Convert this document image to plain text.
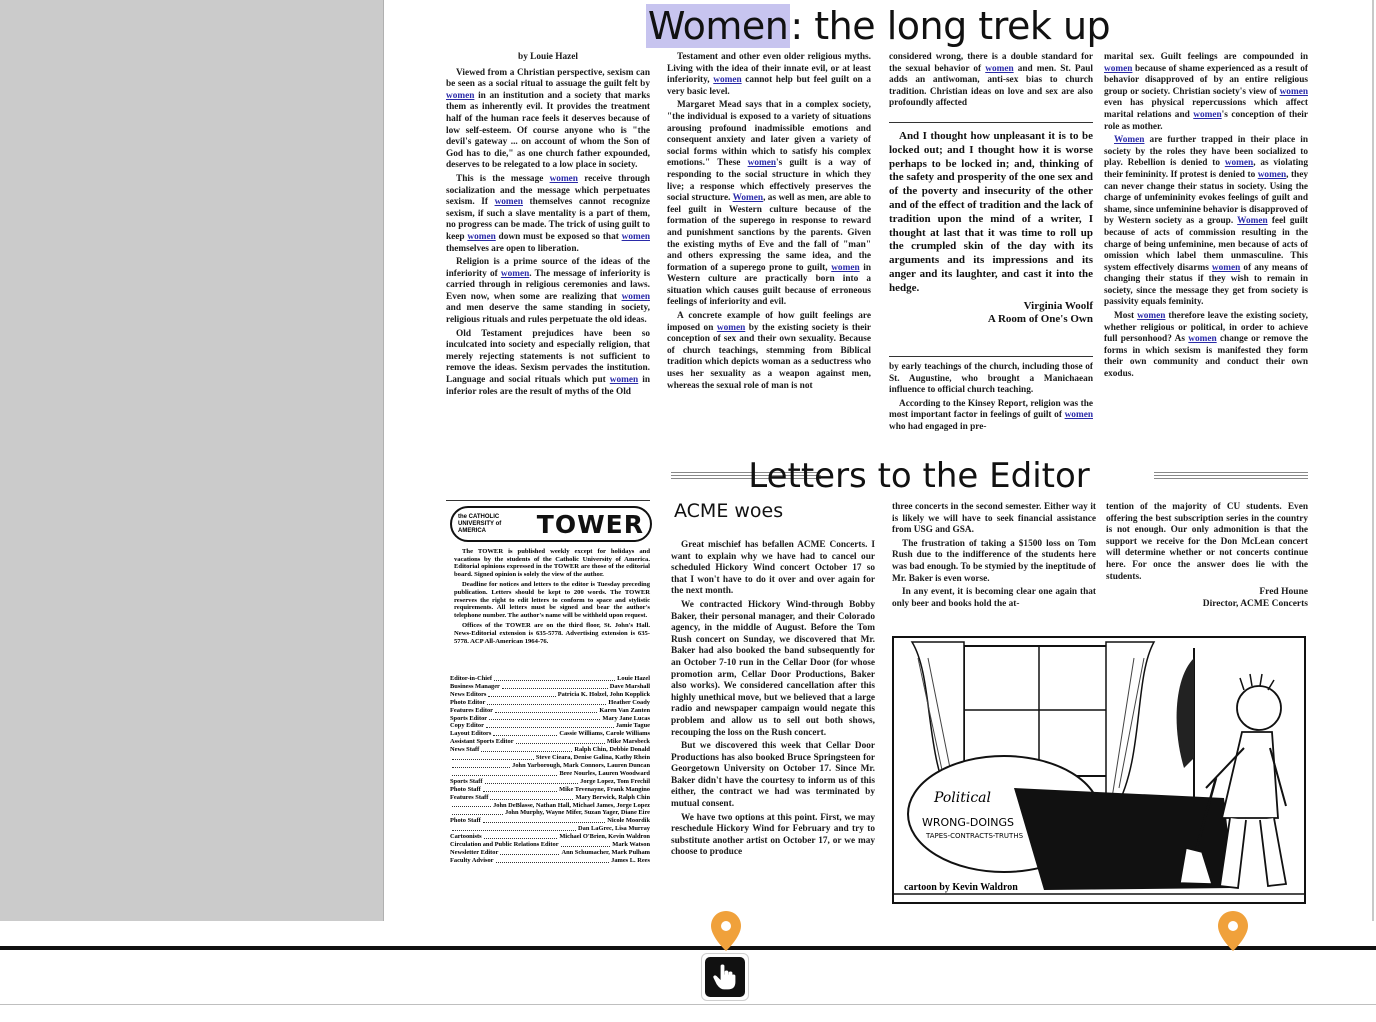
Women: the long trek up

by Louie Hazel

Viewed from a Christian perspective, sexism can be seen as a social ritual to assuage the guilt felt by women in an institution and a society that marks them as inherently evil. It provides the treatment half of the human race feels it deserves because of low self-esteem. Of course anyone who is "the devil's gateway ... on account of whom the Son of God has to die," as one church father expounded, deserves to be relegated to a low place in society.

This is the message women receive through socialization and the message which perpetuates sexism. If women themselves cannot recognize sexism, if such a slave mentality is a part of them, no progress can be made. The trick of using guilt to keep women down must be exposed so that women themselves are open to liberation.

Religion is a prime source of the ideas of the inferiority of women. The message of inferiority is carried through in religious ceremonies and laws. Even now, when some are realizing that women and men deserve the same standing in society, religious rituals and rules perpetuate the old ideas.

Old Testament prejudices have been so inculcated into society and especially religion, that merely rejecting statements is not sufficient to remove the ideas. Sexism pervades the institution. Language and social rituals which put women in inferior roles are the result of myths of the Old

Testament and other even older religious myths. Living with the idea of their innate evil, or at least inferiority, women cannot help but feel guilt on a very basic level.

Margaret Mead says that in a complex society, "the individual is exposed to a variety of situations arousing profound inadmissible emotions and consequent anxiety and later given a variety of social forms within which to satisfy his complex emotions." These women's guilt is a way of responding to the social structure in which they live; a response which effectively preserves the social structure. Women, as well as men, are able to feel guilt in Western culture because of the formation of the superego in response to reward and punishment sanctions by the parents. Given the existing myths of Eve and the fall of "man" and others expressing the same idea, and the formation of a superego prone to guilt, women in Western culture are practically born into a situation which causes guilt because of erroneous feelings of inferiority and evil.

A concrete example of how guilt feelings are imposed on women by the existing society is their conception of sex and their own sexuality. Because of church teachings, stemming from Biblical tradition which depicts woman as a seductress who uses her sexuality as a weapon against men, whereas the sexual role of man is not

considered wrong, there is a double standard for the sexual behavior of women and men. St. Paul adds an antiwoman, anti-sex bias to church tradition. Christian ideas on love and sex are also profoundly affected

And I thought how unpleasant it is to be locked out; and I thought how it is worse perhaps to be locked in; and, thinking of the safety and prosperity of the one sex and of the poverty and insecurity of the other and of the effect of tradition and the lack of tradition upon the mind of a writer, I thought at last that it was time to roll up the crumpled skin of the day with its arguments and its impressions and its anger and its laughter, and cast it into the hedge.

Virginia Woolf
A Room of One's Own

by early teachings of the church, including those of St. Augustine, who brought a Manichaean influence to official church teaching.

According to the Kinsey Report, religion was the most important factor in feelings of guilt of women who had engaged in pre-

marital sex. Guilt feelings are compounded in women because of shame experienced as a result of behavior disapproved of by an entire religious group or society. Christian society's view of women even has physical repercussions which affect marital relations and women's conception of their role as mother.

Women are further trapped in their place in society by the roles they have been socialized to play. Rebellion is denied to women, as violating their femininity. If protest is denied to women, they can never change their status in society. Using the charge of unfemininity evokes feelings of guilt and shame, since unfeminine behavior is disapproved of by Western society as a group. Women feel guilt because of acts of commission resulting in the charge of being unfeminine, men because of acts of omission which label them unmasculine. This system effectively disarms women of any means of changing their status if they wish to remain in society, since the message they get from society is passivity equals feminity.

Most women therefore leave the existing society, whether religious or political, in order to achieve full personhood? As women change or remove the forms in which sexism is manifested they form their own community and conduct their own exodus.

the CATHOLIC UNIVERSITY of AMERICA	TOWER

The TOWER is published weekly except for holidays and vacations by the students of the Catholic University of America. Editorial opinions expressed in the TOWER are those of the editorial board. Signed opinion is solely the view of the author.

Deadline for notices and letters to the editor is Tuesday preceding publication. Letters should be kept to 200 words. The TOWER reserves the right to edit letters to conform to space and stylistic requirements. All letters must be signed and bear the author's telephone number. The author's name will be withheld upon request.

Offices of the TOWER are on the third floor, St. John's Hall. News-Editorial extension is 635-5778. Advertising extension is 635-5778. ACP All-American 1964-76.

Editor-in-Chief	Louie Hazel
Business Manager	Dave Marshall
News Editors	Patricia K. Holzel, John Kopplick
Photo Editor	Heather Coady
Features Editor	Karen Van Zanten
Sports Editor	Mary Jane Lucas
Copy Editor	Jamie Tague
Layout Editors	Cassie Williams, Carole Williams
Assistant Sports Editor	Mike Marsbeck
News Staff	Ralph Chin, Debbie Donald
Steve Cieara, Denise Galina, Kathy Rhein
John Yarborough, Mark Connors, Lauren Duncan
Bree Nourles, Lauren Woodward
Sports Staff	Jorge Lopez, Tom Frechil
Photo Staff	Mike Tevenayne, Frank Mangino
Features Staff	Mary Berwick, Ralph Chin
John DeBlasse, Nathan Hall, Michael James, Jorge Lopez
John Murphy, Wayne Mifer, Suzan Yager, Diane Eire
Photo Staff	Nicole Moordik
Dan LaGrec, Lisa Murray
Cartoonists	Michael O'Brien, Kevin Waldron
Circulation and Public Relations Editor	Mark Watson
Newsletter Editor	Ann Schumacher, Mark Pulham
Faculty Advisor	James L. Rees
Letters to the Editor
ACME woes

Great mischief has befallen ACME Concerts. I want to explain why we have had to cancel our scheduled Hickory Wind concert October 17 so that I won't have to do it over and over again for the next month.

We contracted Hickory Wind-through Bobby Baker, their personal manager, and their Colorado agency, in the middle of August. Before the Tom Rush concert on Sunday, we discovered that Mr. Baker had also booked the band subsequently for an October 7-10 run in the Cellar Door (for whose promotion arm, Cellar Door Productions, Baker also works). We considered cancellation after this highly unethical move, but we believed that a large radio and newspaper campaign would negate this problem and allow us to sell out both shows, recouping the loss on the Rush concert.

But we discovered this week that Cellar Door Productions has also booked Bruce Springsteen for Georgetown University on October 17. Since Mr. Baker didn't have the courtesy to inform us of this either, the contract we had was terminated by mutual consent.

We have two options at this point. First, we may reschedule Hickory Wind for February and try to substitute another artist on October 17, or we may choose to produce

three concerts in the second semester. Either way it is likely we will have to seek financial assistance from USG and GSA.

The frustration of taking a $1500 loss on Tom Rush due to the indifference of the students here was bad enough. To be stymied by the ineptitude of Mr. Baker is even worse.

In any event, it is becoming clear one again that only beer and books hold the at-

tention of the majority of CU students. Even offering the best subscription series in the country is not enough. Our only admonition is that the support we receive for the Don McLean concert will determine whether or not concerts continue here. For once the answer does lie with the students.

Fred Houne
Director, ACME Concerts
Political
WRONG-DOINGS
TAPES-CONTRACTS-TRUTHS
cartoon by Kevin Waldron
